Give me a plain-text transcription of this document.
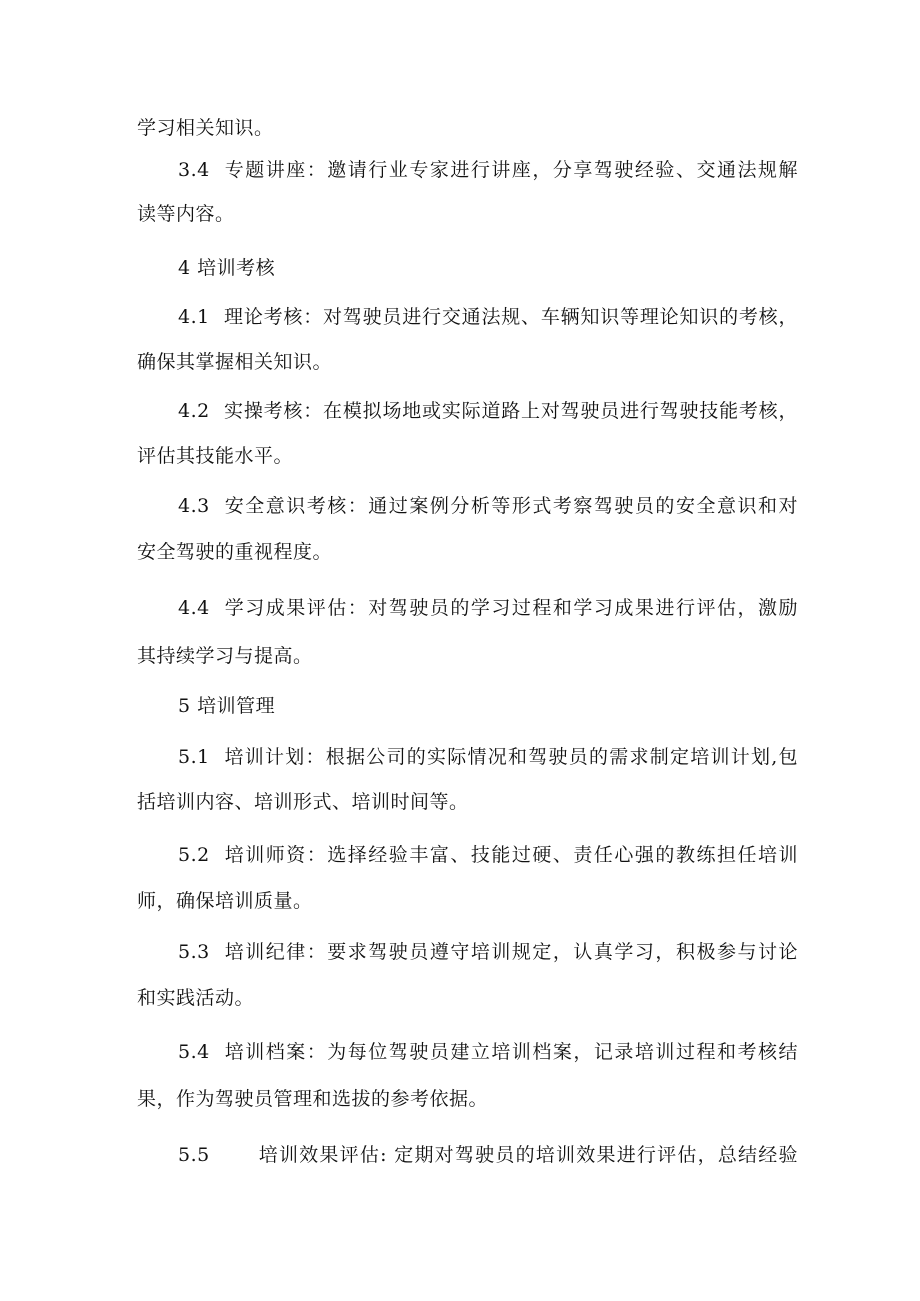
学习相关知识。
3.4 专题讲座：邀请行业专家进行讲座，分享驾驶经验、交通法规解
读等内容。
4 培训考核
4.1 理论考核：对驾驶员进行交通法规、车辆知识等理论知识的考核，
确保其掌握相关知识。
4.2 实操考核：在模拟场地或实际道路上对驾驶员进行驾驶技能考核，
评估其技能水平。
4.3 安全意识考核：通过案例分析等形式考察驾驶员的安全意识和对
安全驾驶的重视程度。
4.4 学习成果评估：对驾驶员的学习过程和学习成果进行评估，激励
其持续学习与提高。
5 培训管理
5.1 培训计划：根据公司的实际情况和驾驶员的需求制定培训计划,包
括培训内容、培训形式、培训时间等。
5.2 培训师资：选择经验丰富、技能过硬、责任心强的教练担任培训
师，确保培训质量。
5.3 培训纪律：要求驾驶员遵守培训规定，认真学习，积极参与讨论
和实践活动。
5.4 培训档案：为每位驾驶员建立培训档案，记录培训过程和考核结
果，作为驾驶员管理和选拔的参考依据。
5.5	培训效果评估: 定期对驾驶员的培训效果进行评估，总结经验
